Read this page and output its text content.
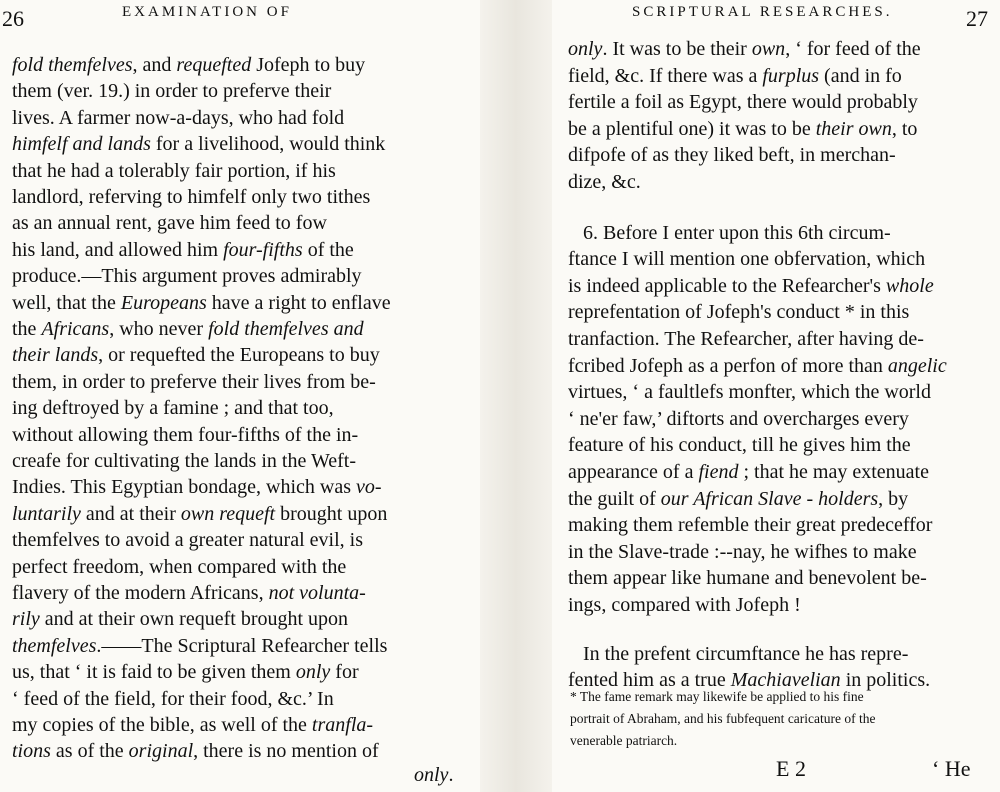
26	EXAMINATION OF
fold themfelves, and requefted Jofeph to buy
them (ver. 19.) in order to preferve their
lives. A farmer now-a-days, who had fold
himfelf and lands for a livelihood, would think
that he had a tolerably fair portion, if his
landlord, referving to himfelf only two tithes
as an annual rent, gave him feed to fow
his land, and allowed him four-fifths of the
produce.—This argument proves admirably
well, that the Europeans have a right to enflave
the Africans, who never fold themfelves and
their lands, or requefted the Europeans to buy
them, in order to preferve their lives from be-
ing deftroyed by a famine ; and that too,
without allowing them four-fifths of the in-
creafe for cultivating the lands in the Weft-
Indies. This Egyptian bondage, which was vo-
luntarily and at their own requeft brought upon
themfelves to avoid a greater natural evil, is
perfect freedom, when compared with the
flavery of the modern Africans, not volunta-
rily and at their own requeft brought upon
themfelves.——The Scriptural Refearcher tells
us, that ‘ it is faid to be given them only for
‘ feed of the field, for their food, &c.’ In
my copies of the bible, as well of the tranfla-
tions as of the original, there is no mention of
only.
SCRIPTURAL RESEARCHES.	27
only. It was to be their own, ‘ for feed of the
field, &c. If there was a furplus (and in fo
fertile a foil as Egypt, there would probably
be a plentiful one) it was to be their own, to
difpofe of as they liked beft, in merchan-
dize, &c.
6. Before I enter upon this 6th circum-
ftance I will mention one obfervation, which
is indeed applicable to the Refearcher's whole
reprefentation of Jofeph's conduct * in this
tranfaction. The Refearcher, after having de-
fcribed Jofeph as a perfon of more than angelic
virtues, ‘ a faultlefs monfter, which the world
‘ ne'er faw,’ diftorts and overcharges every
feature of his conduct, till he gives him the
appearance of a fiend ; that he may extenuate
the guilt of our African Slave - holders, by
making them refemble their great predeceffor
in the Slave-trade :--nay, he wifhes to make
them appear like humane and benevolent be-
ings, compared with Jofeph !
In the prefent circumftance he has repre-
fented him as a true Machiavelian in politics.
* The fame remark may likewife be applied to his fine
portrait of Abraham, and his fubfequent caricature of the
venerable patriarch.
E 2	‘ He
